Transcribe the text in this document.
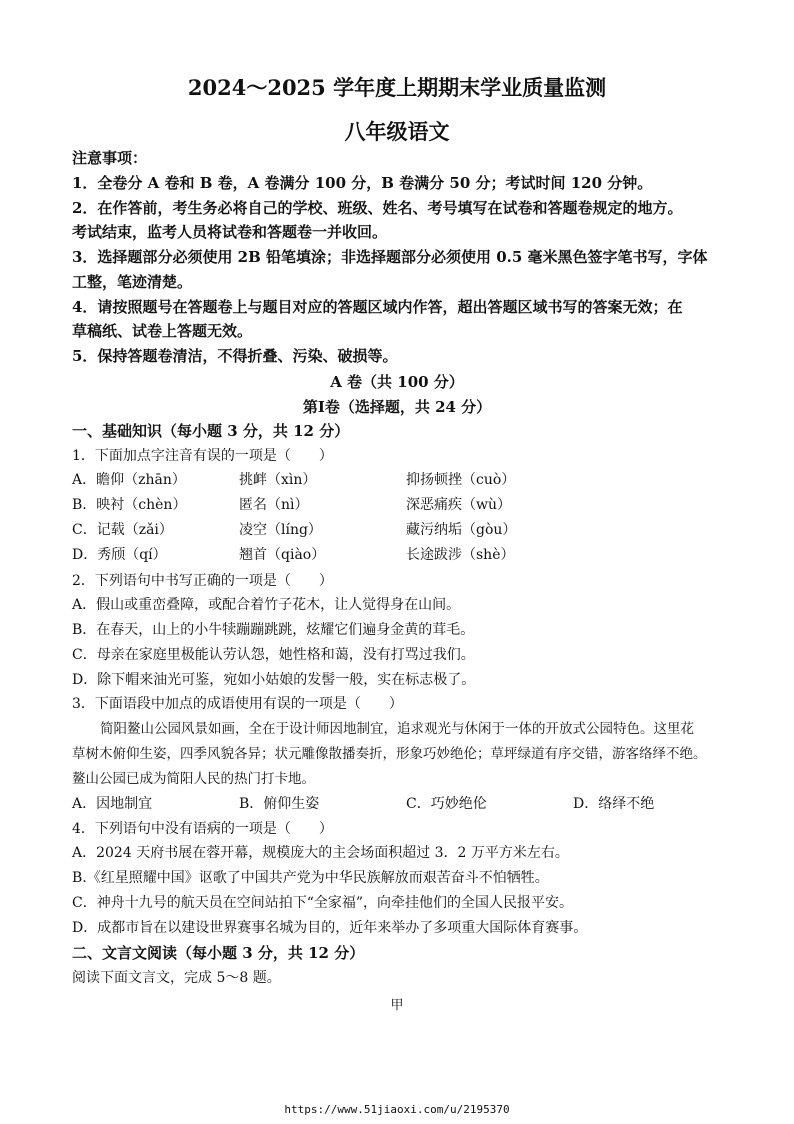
2024～2025 学年度上期期末学业质量监测
八年级语文
注意事项：
1．全卷分 A 卷和 B 卷，A 卷满分 100 分，B 卷满分 50 分；考试时间 120 分钟。
2．在作答前，考生务必将自己的学校、班级、姓名、考号填写在试卷和答题卷规定的地方。
考试结束，监考人员将试卷和答题卷一并收回。
3．选择题部分必须使用 2B 铅笔填涂；非选择题部分必须使用 0.5 毫米黑色签字笔书写，字体
工整，笔迹清楚。
4．请按照题号在答题卷上与题目对应的答题区域内作答，超出答题区域书写的答案无效；在
草稿纸、试卷上答题无效。
5．保持答题卷清洁，不得折叠、污染、破损等。
A 卷（共 100 分）
第Ⅰ卷（选择题，共 24 分）
一、基础知识（每小题 3 分，共 12 分）
1．下面加点字注音有误的一项是（　　）
A．瞻仰（zhān）	挑衅（xìn）	抑扬顿挫（cuò）
B．映衬（chèn）	匿名（nì）	深恶痛疾（wù）
C．记载（zǎi）	凌空（líng）	藏污纳垢（gòu）
D．秀颀（qí）	翘首（qiào）	长途跋涉（shè）
2．下列语句中书写正确的一项是（　　）
A．假山或重峦叠障，或配合着竹子花木，让人觉得身在山间。
B．在春天，山上的小牛犊蹦蹦跳跳，炫耀它们遍身金黄的茸毛。
C．母亲在家庭里极能认劳认怨，她性格和蔼，没有打骂过我们。
D．除下帽来油光可鉴，宛如小姑娘的发髻一般，实在标志极了。
3．下面语段中加点的成语使用有误的一项是（　　）
简阳鳌山公园风景如画，全在于设计师因地制宜，追求观光与休闲于一体的开放式公园特色。这里花
草树木俯仰生姿，四季风貌各异；状元雕像散播奏折，形象巧妙绝伦；草坪绿道有序交错，游客络绎不绝。
鳌山公园已成为简阳人民的热门打卡地。
A．因地制宜	B．俯仰生姿	C．巧妙绝伦	D．络绎不绝
4．下列语句中没有语病的一项是（　　）
A．2024 天府书展在蓉开幕，规模庞大的主会场面积超过 3．2 万平方米左右。
B.《红星照耀中国》讴歌了中国共产党为中华民族解放而艰苦奋斗不怕牺牲。
C．神舟十九号的航天员在空间站拍下“全家福”，向牵挂他们的全国人民报平安。
D．成都市旨在以建设世界赛事名城为目的，近年来举办了多项重大国际体育赛事。
二、文言文阅读（每小题 3 分，共 12 分）
阅读下面文言文，完成 5～8 题。
甲
https://www.51jiaoxi.com/u/2195370
